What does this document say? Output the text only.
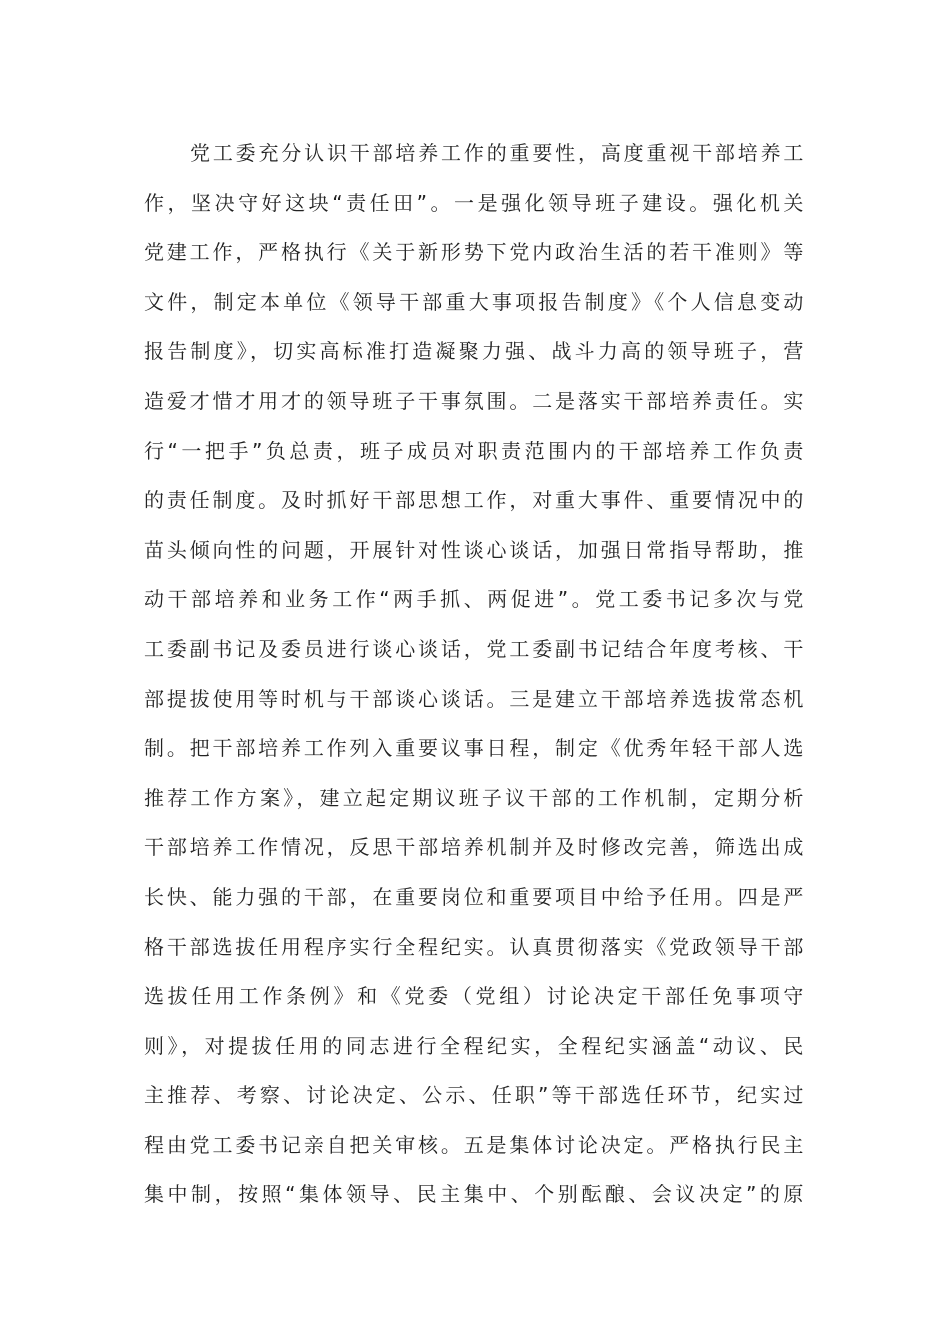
党工委充分认识干部培养工作的重要性，高度重视干部培养工
作，坚决守好这块“责任田”。一是强化领导班子建设。强化机关
党建工作，严格执行《关于新形势下党内政治生活的若干准则》等
文件，制定本单位《领导干部重大事项报告制度》《个人信息变动
报告制度》，切实高标准打造凝聚力强、战斗力高的领导班子，营
造爱才惜才用才的领导班子干事氛围。二是落实干部培养责任。实
行“一把手”负总责，班子成员对职责范围内的干部培养工作负责
的责任制度。及时抓好干部思想工作，对重大事件、重要情况中的
苗头倾向性的问题，开展针对性谈心谈话，加强日常指导帮助，推
动干部培养和业务工作“两手抓、两促进”。党工委书记多次与党
工委副书记及委员进行谈心谈话，党工委副书记结合年度考核、干
部提拔使用等时机与干部谈心谈话。三是建立干部培养选拔常态机
制。把干部培养工作列入重要议事日程，制定《优秀年轻干部人选
推荐工作方案》，建立起定期议班子议干部的工作机制，定期分析
干部培养工作情况，反思干部培养机制并及时修改完善，筛选出成
长快、能力强的干部，在重要岗位和重要项目中给予任用。四是严
格干部选拔任用程序实行全程纪实。认真贯彻落实《党政领导干部
选拔任用工作条例》和《党委（党组）讨论决定干部任免事项守
则》，对提拔任用的同志进行全程纪实，全程纪实涵盖“动议、民
主推荐、考察、讨论决定、公示、任职”等干部选任环节，纪实过
程由党工委书记亲自把关审核。五是集体讨论决定。严格执行民主
集中制，按照“集体领导、民主集中、个别酝酿、会议决定”的原
